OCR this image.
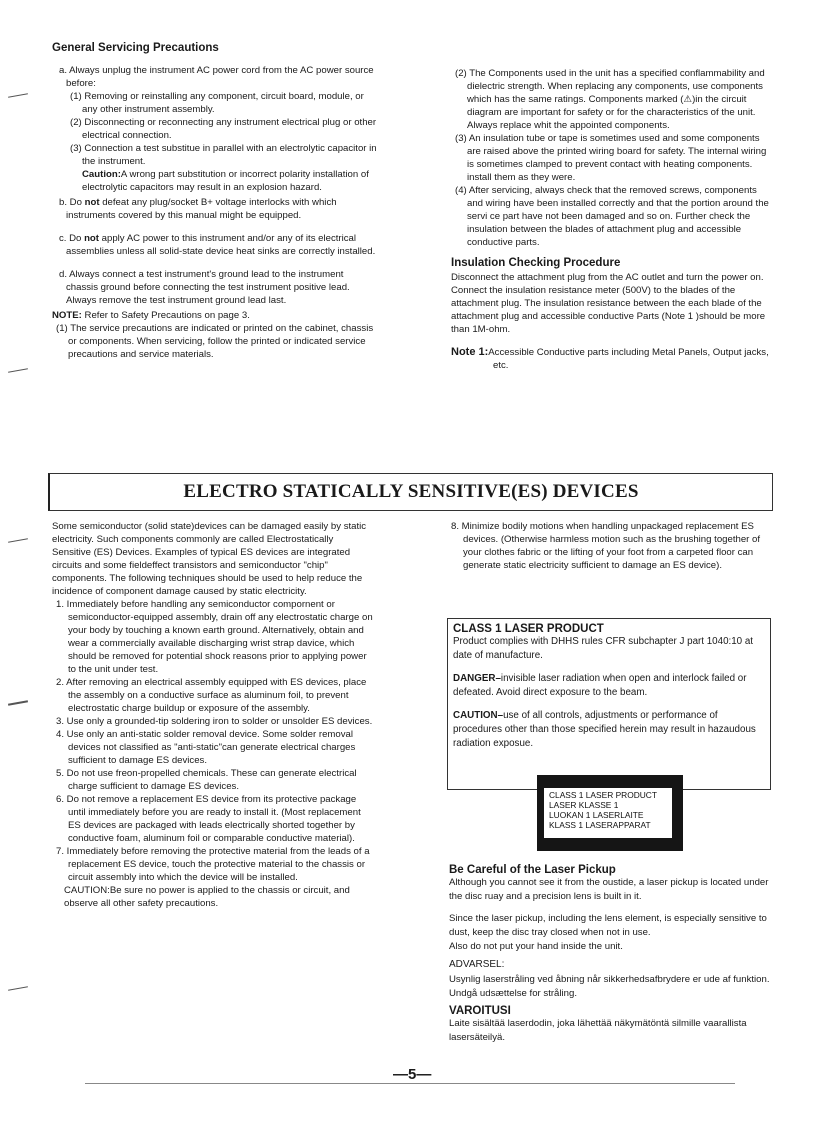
General Servicing Precautions

a. Always unplug the instrument AC power cord from the AC power source before:

(1) Removing or reinstalling any component, circuit board, module, or any other instrument assembly.

(2) Disconnecting or reconnecting any instrument electrical plug or other electrical connection.

(3) Connection a test substitue in parallel with an electrolytic capacitor in the instrument.

Caution:A wrong part substitution or incorrect polarity installation of electrolytic capacitors may result in an explosion hazard.

b. Do not defeat any plug/socket B+ voltage interlocks with which instruments covered by this manual might be equipped.

c. Do not apply AC power to this instrument and/or any of its electrical assemblies unless all solid-state device heat sinks are correctly installed.

d. Always connect a test instrument's ground lead to the instrument chassis ground before connecting the test instrument positive lead. Always remove the test instrument ground lead last.

NOTE: Refer to Safety Precautions on page 3.

(1) The service precautions are indicated or printed on the cabinet, chassis or components. When servicing, follow the printed or indicated service precautions and service materials.

(2) The Components used in the unit has a specified conflammability and dielectric strength. When replacing any components, use components which has the same ratings. Components marked (⚠)in the circuit diagram are important for safety or for the characteristics of the unit. Always replace whit the appointed components.

(3) An insulation tube or tape is sometimes used and some components are raised above the printed wiring board for safety. The internal wiring is sometimes clamped to prevent contact with heating components. install them as they were.

(4) After servicing, always check that the removed screws, components and wiring have been installed correctly and that the portion around the servi ce part have not been damaged and so on. Further check the insulation between the blades of attachment plug and accessible conductive parts.

Insulation Checking Procedure

Disconnect the attachment plug from the AC outlet and turn the power on. Connect the insulation resistance meter (500V) to the blades of the attachment plug. The insulation resistance between the each blade of the attachment plug and accessible conductive Parts (Note 1 )should be more than 1M-ohm.

Note 1:Accessible Conductive parts including Metal Panels, Output jacks, etc.

ELECTRO STATICALLY SENSITIVE(ES) DEVICES

Some semiconductor (solid state)devices can be damaged easily by static electricity. Such components commonly are called Electrostatically Sensitive (ES) Devices. Examples of typical ES devices are integrated circuits and some fieldeffect transistors and semiconductor "chip" components. The following techniques should be used to help reduce the incidence of component damage caused by static electricity.

1. Immediately before handling any semiconductor compornent or semiconductor-equipped assembly, drain off any electrostatic charge on your body by touching a known earth ground. Alternatively, obtain and wear a commercially available discharging wrist strap davice, which should be removed for potential shock reasons prior to applying power to the unit under test.

2. After removing an electrical assembly equipped with ES devices, place the assembly on a conductive surface as aluminum foil, to prevent electrostatic charge buildup or exposure of the assembly.

3. Use only a grounded-tip soldering iron to solder or unsolder ES devices.

4. Use only an anti-static solder removal device. Some solder removal devices not classified as "anti-static"can generate electrical charges sufficient to damage ES devices.

5. Do not use freon-propelled chemicals. These can generate electrical charge sufficient to damage ES devices.

6. Do not remove a replacement ES device from its protective package until immediately before you are ready to install it. (Most replacement ES devices are packaged with leads electrically shorted together by conductive foam, aluminum foil or comparable conductive material).

7. Immediately before removing the protective material from the leads of a replacement ES device, touch the protective material to the chassis or circuit assembly into which the device will be installed.

CAUTION:Be sure no power is applied to the chassis or circuit, and observe all other safety precautions.

8. Minimize bodily motions when handling unpackaged replacement ES devices. (Otherwise harmless motion such as the brushing together of your clothes fabric or the lifting of your foot from a carpeted floor can generate static electricity sufficient to damage an ES device).

CLASS 1 LASER PRODUCT

Product complies with DHHS rules CFR subchapter J part 1040:10 at date of manufacture.

DANGER–invisible laser radiation when open and interlock failed or defeated. Avoid direct exposure to the beam.

CAUTION–use of all controls, adjustments or performance of procedures other than those specified herein may result in hazaudous radiation exposue.

CLASS 1 LASER PRODUCT
LASER KLASSE 1
LUOKAN 1 LASERLAITE
KLASS 1 LASERAPPARAT
Be Careful of the Laser Pickup

Although you cannot see it from the oustide, a laser pickup is located under the disc ruay and a precision lens is built in it.

Since the laser pickup, including the lens element, is especially sensitive to dust, keep the disc tray closed when not in use.

Also do not put your hand inside the unit.

ADVARSEL:

Usynlig laserstråling ved åbning når sikkerhedsafbrydere er ude af funktion. Undgå udsættelse for stråling.

VAROITUSI

Laite sisältää laserdodin, joka lähettää näkymätöntä silmille vaarallista lasersäteilyä.

—5—
